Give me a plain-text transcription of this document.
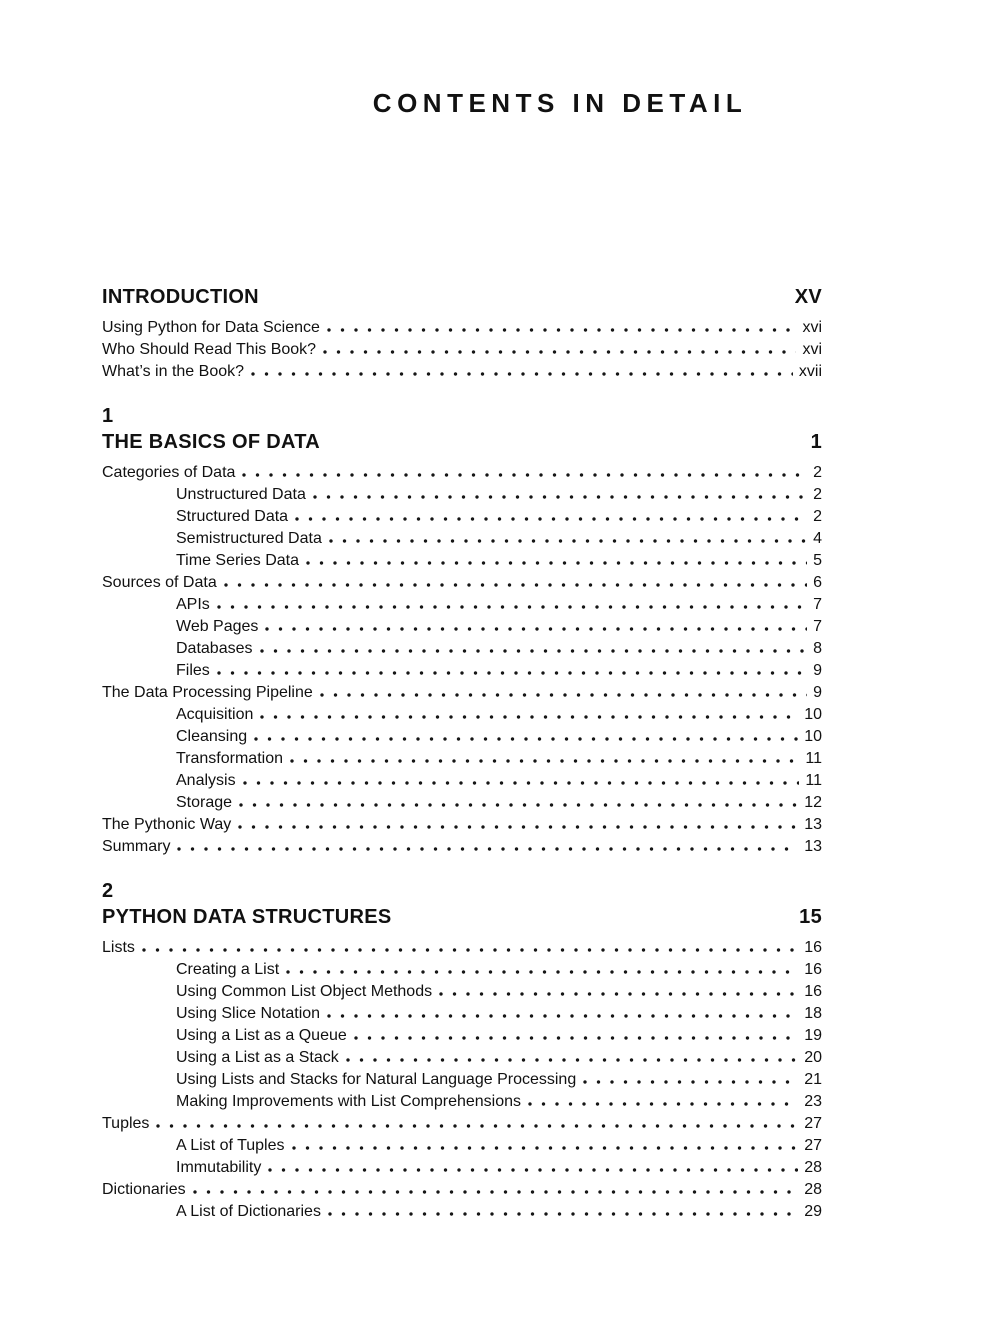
CONTENTS IN DETAIL
INTRODUCTION	XV
Using Python for Data Science	xvi
Who Should Read This Book?	xvi
What’s in the Book?	xvii
1
THE BASICS OF DATA	1
Categories of Data	2
Unstructured Data	2
Structured Data	2
Semistructured Data	4
Time Series Data	5
Sources of Data	6
APIs	7
Web Pages	7
Databases	8
Files	9
The Data Processing Pipeline	9
Acquisition	10
Cleansing	10
Transformation	11
Analysis	11
Storage	12
The Pythonic Way	13
Summary	13
2
PYTHON DATA STRUCTURES	15
Lists	16
Creating a List	16
Using Common List Object Methods	16
Using Slice Notation	18
Using a List as a Queue	19
Using a List as a Stack	20
Using Lists and Stacks for Natural Language Processing	21
Making Improvements with List Comprehensions	23
Tuples	27
A List of Tuples	27
Immutability	28
Dictionaries	28
A List of Dictionaries	29
